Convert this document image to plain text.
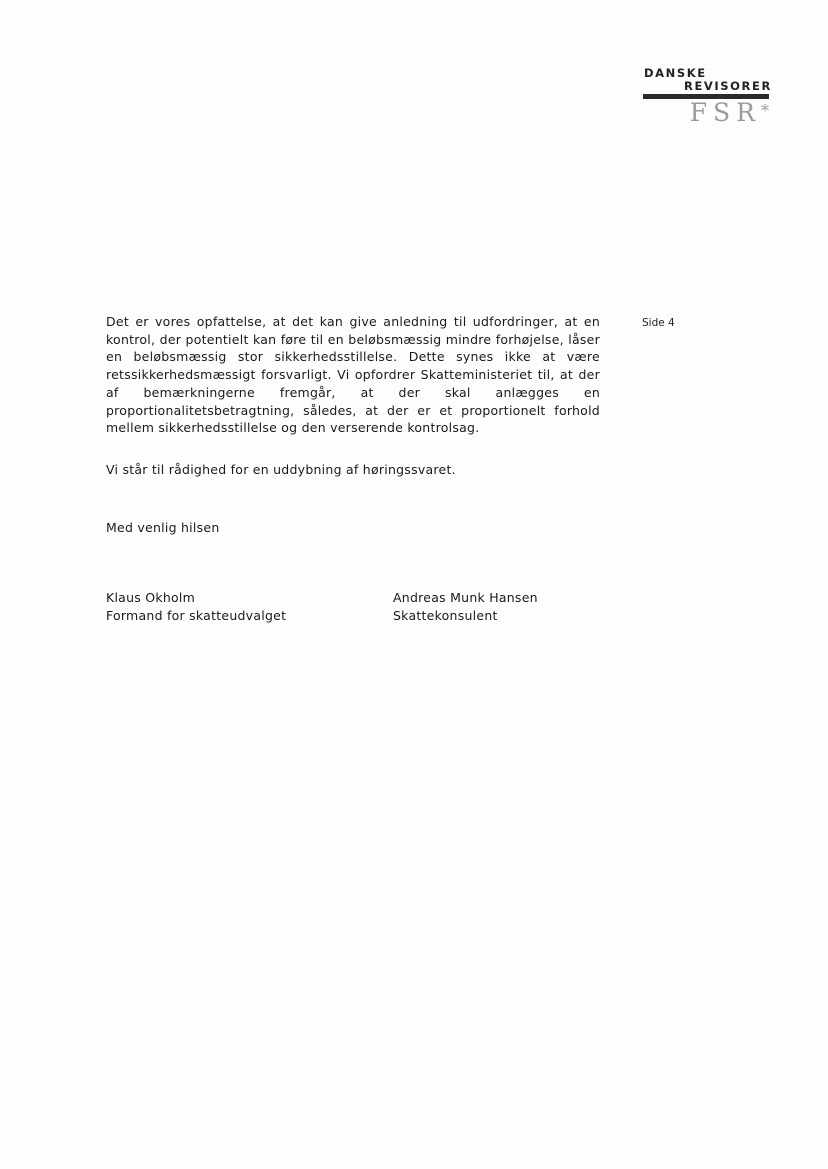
DANSKE
REVISORER
FSR*
Side 4

Det er vores opfattelse, at det kan give anledning til udfordringer, at en kontrol, der potentielt kan føre til en beløbsmæssig mindre forhøjelse, låser en beløbsmæssig stor sikkerhedsstillelse. Dette synes ikke at være retssikkerhedsmæssigt forsvarligt. Vi opfordrer Skatteministeriet til, at der af bemærkningerne fremgår, at der skal anlægges en proportionalitetsbetragtning, således, at der er et proportionelt forhold mellem sikkerhedsstillelse og den verserende kontrolsag.

Vi står til rådighed for en uddybning af høringssvaret.

Med venlig hilsen

Klaus Okholm
Formand for skatteudvalget
Andreas Munk Hansen
Skattekonsulent
